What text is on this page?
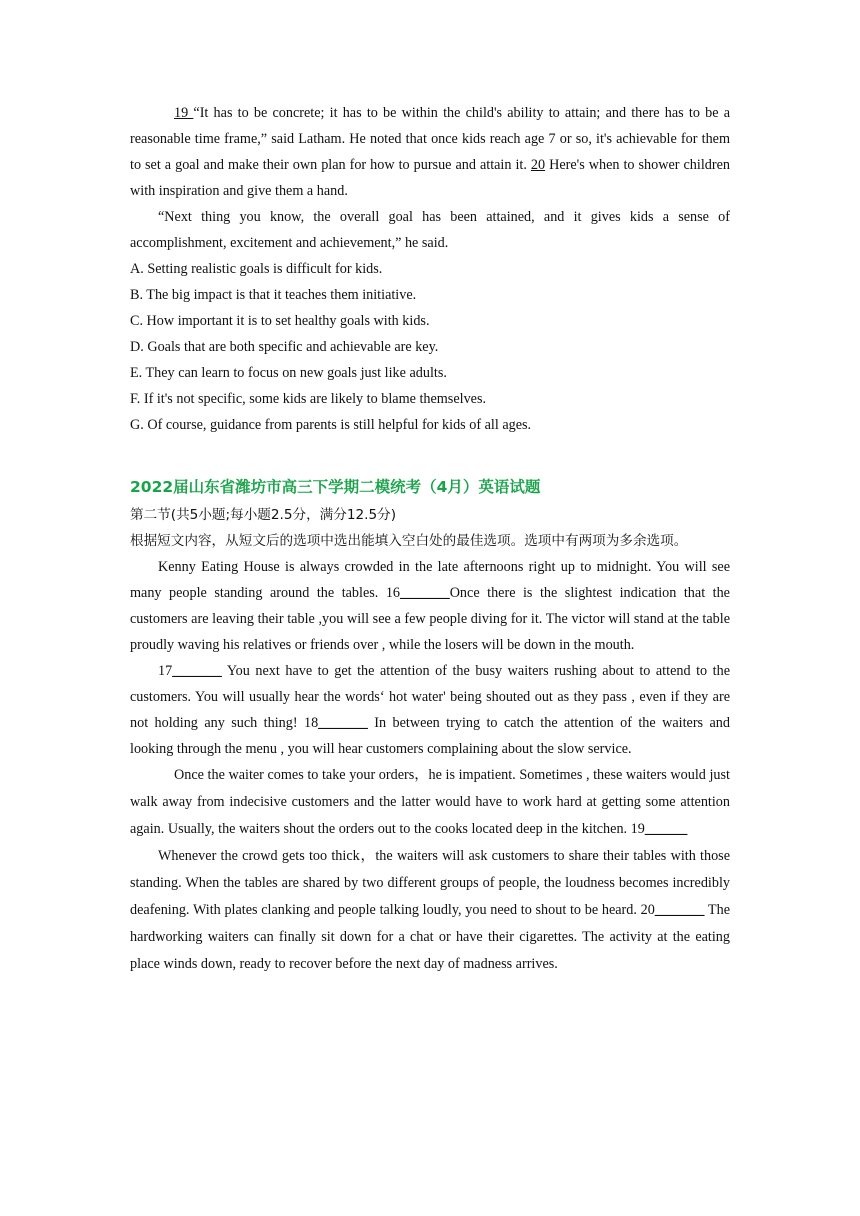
19 “It has to be concrete; it has to be within the child's ability to attain; and there has to be a reasonable time frame,” said Latham. He noted that once kids reach age 7 or so, it's achievable for them to set a goal and make their own plan for how to pursue and attain it. 20 Here's when to shower children with inspiration and give them a hand.

“Next thing you know, the overall goal has been attained, and it gives kids a sense of accomplishment, excitement and achievement,” he said.

A. Setting realistic goals is difficult for kids.

B. The big impact is that it teaches them initiative.

C. How important it is to set healthy goals with kids.

D. Goals that are both specific and achievable are key.

E. They can learn to focus on new goals just like adults.

F. If it's not specific, some kids are likely to blame themselves.

G. Of course, guidance from parents is still helpful for kids of all ages.

2022届山东省潍坊市高三下学期二模统考（4月）英语试题

第二节(共5小题;每小题2.5分，满分12.5分)

根据短文内容，从短文后的选项中选出能填入空白处的最佳选项。选项中有两项为多余选项。

Kenny Eating House is always crowded in the late afternoons right up to midnight. You will see many people standing around the tables. 16_______Once there is the slightest indication that the customers are leaving their table ,you will see a few people diving for it. The victor will stand at the table proudly waving his relatives or friends over , while the losers will be down in the mouth.

17_______ You next have to get the attention of the busy waiters rushing about to attend to the customers. You will usually hear the words‘ hot water' being shouted out as they pass , even if they are not holding any such thing! 18_______ In between trying to catch the attention of the waiters and looking through the menu , you will hear customers complaining about the slow service.

Once the waiter comes to take your orders，he is impatient. Sometimes , these waiters would just walk away from indecisive customers and the latter would have to work hard at getting some attention again. Usually, the waiters shout the orders out to the cooks located deep in the kitchen. 19______

Whenever the crowd gets too thick，the waiters will ask customers to share their tables with those standing. When the tables are shared by two different groups of people, the loudness becomes incredibly deafening. With plates clanking and people talking loudly, you need to shout to be heard. 20_______ The hardworking waiters can finally sit down for a chat or have their cigarettes. The activity at the eating place winds down, ready to recover before the next day of madness arrives.
